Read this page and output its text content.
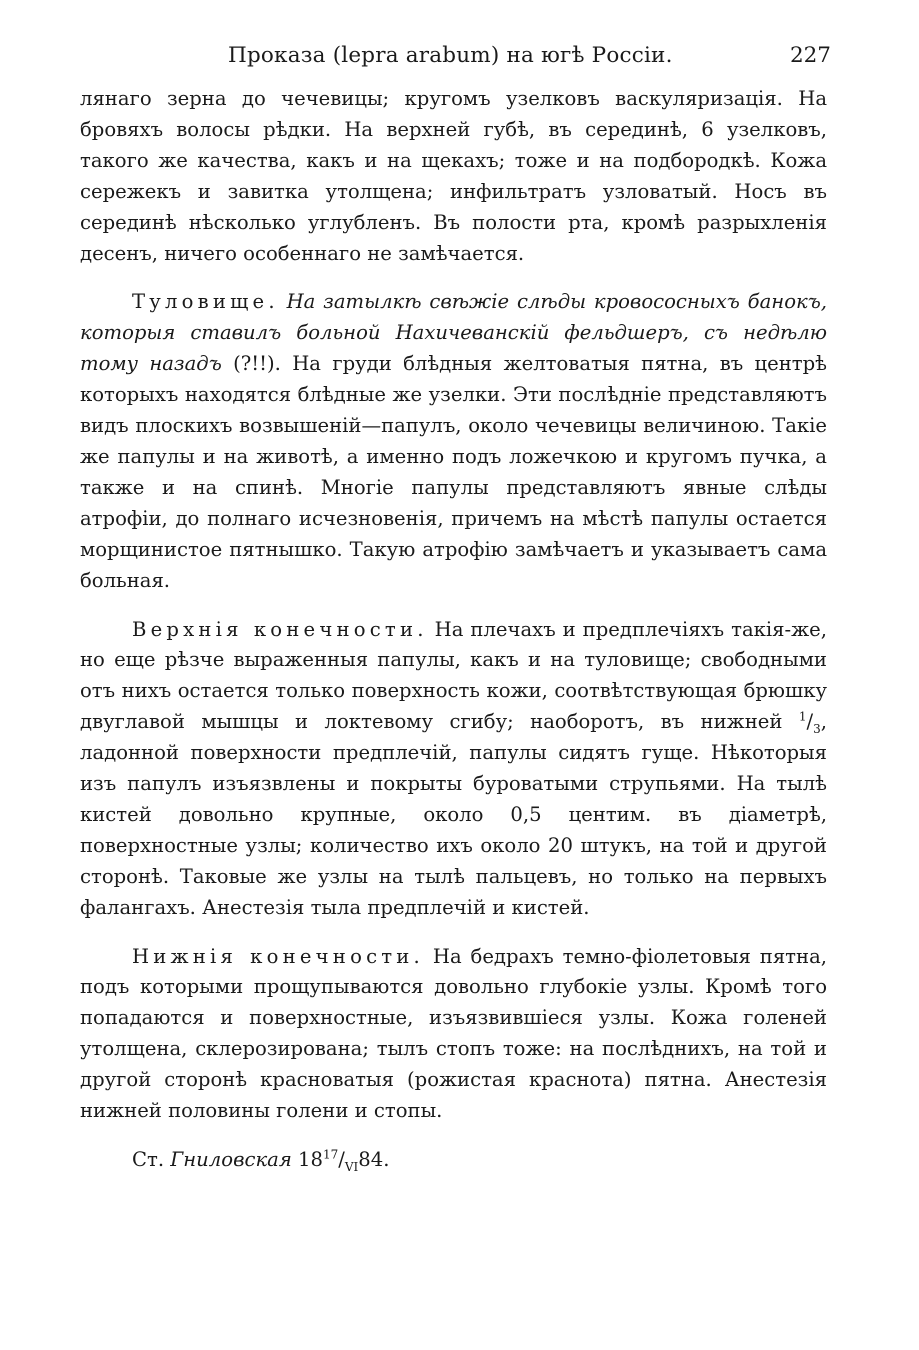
Проказа (lepra arabum) на югѣ Россіи.	227

лянаго зерна до чечевицы; кругомъ узелковъ васкуляризація. На бровяхъ волосы рѣдки. На верхней губѣ, въ серединѣ, 6 узелковъ, такого же качества, какъ и на щекахъ; тоже и на подбородкѣ. Кожа сережекъ и завитка утолщена; инфильтратъ узловатый. Носъ въ серединѣ нѣсколько углубленъ. Въ полости рта, кромѣ разрыхленія десенъ, ничего особеннаго не замѣчается.

Туловище. На затылкѣ свѣжіе слѣды кровососныхъ банокъ, которыя ставилъ больной Нахичеванскій фельдшеръ, съ недѣлю тому назадъ (?!!). На груди блѣдныя желтоватыя пятна, въ центрѣ которыхъ находятся блѣдные же узелки. Эти послѣдніе представляютъ видъ плоскихъ возвышеній—папулъ, около чечевицы величиною. Такіе же папулы и на животѣ, а именно подъ ложечкою и кругомъ пучка, а также и на спинѣ. Многіе папулы представляютъ явные слѣды атрофіи, до полнаго исчезновенія, причемъ на мѣстѣ папулы остается морщинистое пятнышко. Такую атрофію замѣчаетъ и указываетъ сама больная.

Верхнія конечности. На плечахъ и предплечіяхъ такія-же, но еще рѣзче выраженныя папулы, какъ и на туловище; свободными отъ нихъ остается только поверхность кожи, соотвѣтствующая брюшку двуглавой мышцы и локтевому сгибу; наоборотъ, въ нижней $^1/_3$, ладонной поверхности предплечій, папулы сидятъ гуще. Нѣкоторыя изъ папулъ изъязвлены и покрыты буроватыми струпьями. На тылѣ кистей довольно крупные, около 0,5 центим. въ діаметрѣ, поверхностные узлы; количество ихъ около 20 штукъ, на той и другой сторонѣ. Таковые же узлы на тылѣ пальцевъ, но только на первыхъ фалангахъ. Анестезія тыла предплечій и кистей.

Нижнія конечности. На бедрахъ темно-фіолетовыя пятна, подъ которыми прощупываются довольно глубокіе узлы. Кромѣ того попадаются и поверхностные, изъязвившіеся узлы. Кожа голеней утолщена, склерозирована; тылъ стопъ тоже: на послѣднихъ, на той и другой сторонѣ красноватыя (рожистая краснота) пятна. Анестезія нижней половины голени и стопы.

Ст. Гниловская $18^{17}/_{VI}84$.
